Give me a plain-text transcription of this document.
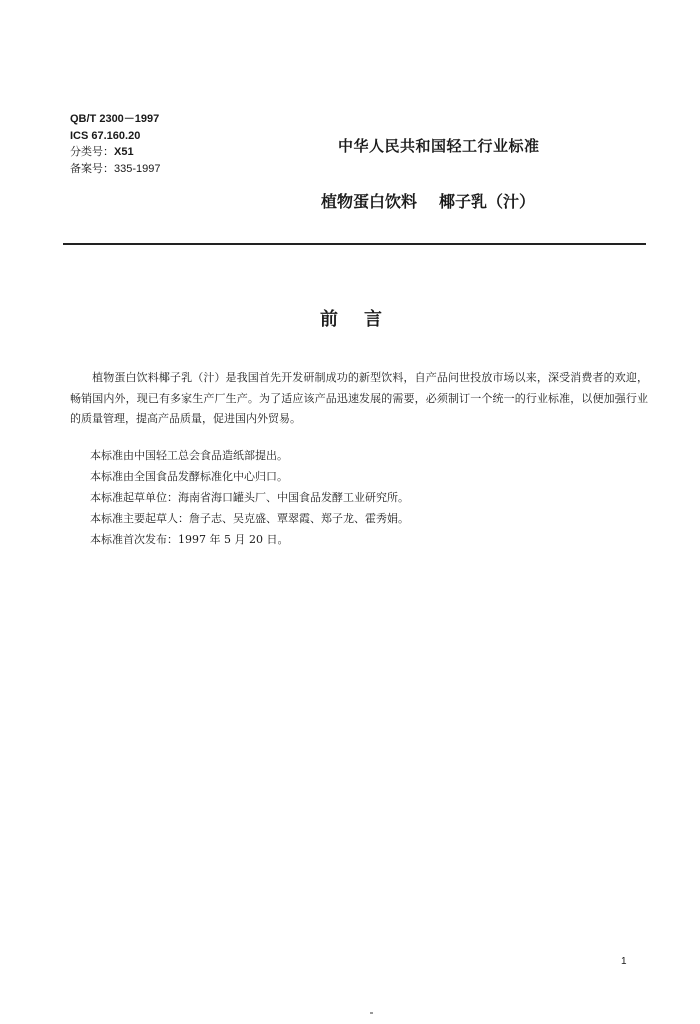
QB/T 2300－1997
ICS 67.160.20
分类号：X51
备案号：335-1997
中华人民共和国轻工行业标准
植物蛋白饮料 椰子乳（汁）
前 言
植物蛋白饮料椰子乳（汁）是我国首先开发研制成功的新型饮料，自产品问世投放市场以来，深受消费者的欢迎，畅销国内外，现已有多家生产厂生产。为了适应该产品迅速发展的需要，必须制订一个统一的行业标准，以便加强行业的质量管理，提高产品质量，促进国内外贸易。
本标准由中国轻工总会食品造纸部提出。
本标准由全国食品发酵标准化中心归口。
本标准起草单位：海南省海口罐头厂、中国食品发酵工业研究所。
本标准主要起草人：詹子志、吴克盛、覃翠霞、郑子龙、霍秀娟。
本标准首次发布：1997 年 5 月 20 日。
1
